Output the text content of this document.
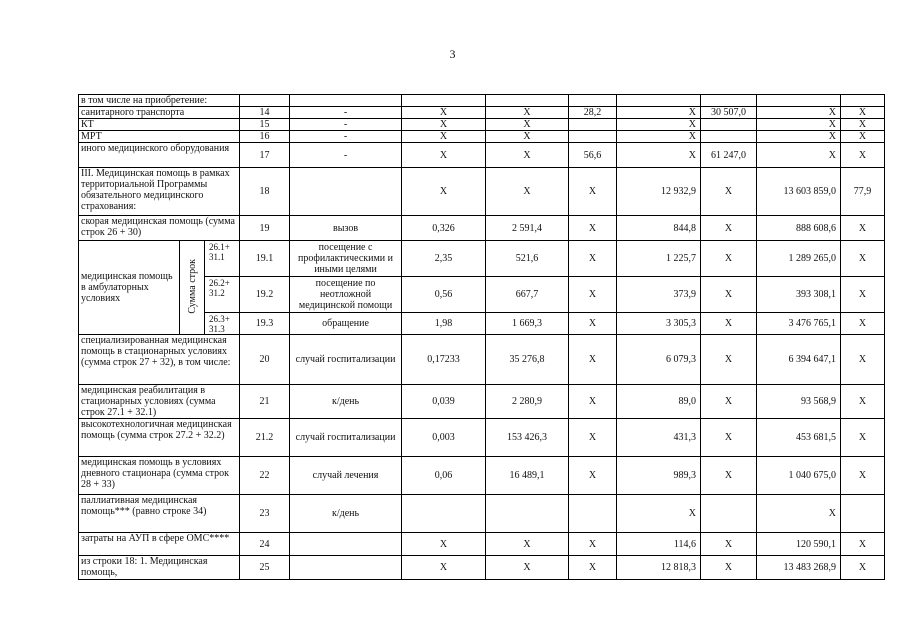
3
в том числе на приобретение:											
санитарного транспорта			14	-	Х	Х	28,2	Х	30 507,0	Х	Х
КТ			15	-	Х	Х		Х		Х	Х
МРТ			16	-	Х	Х		Х		Х	Х
иного медицинского оборудования			17	-	Х	Х	56,6	Х	61 247,0	Х	Х
III. Медицинская помощь в рамках территориальной Программы обязательного медицинского страхования:			18		Х	Х	Х	12 932,9	Х	13 603 859,0	77,9
скорая медицинская помощь (сумма строк 26 + 30)			19	вызов	0,326	2 591,4	Х	844,8	Х	888 608,6	Х
медицинская помощь в амбулаторных условиях	Сумма строк	26.1+ 31.1	19.1	посещение с профилактическими и иными целями	2,35	521,6	Х	1 225,7	Х	1 289 265,0	Х
		26.2+ 31.2	19.2	посещение по неотложной медицинской помощи	0,56	667,7	Х	373,9	Х	393 308,1	Х
		26.3+ 31.3	19.3	обращение	1,98	1 669,3	Х	3 305,3	Х	3 476 765,1	Х
специализированная медицинская помощь в стационарных условиях (сумма строк 27 + 32), в том числе:			20	случай госпитализации	0,17233	35 276,8	Х	6 079,3	Х	6 394 647,1	Х
медицинская реабилитация в стационарных условиях (сумма строк 27.1 + 32.1)			21	к/день	0,039	2 280,9	Х	89,0	Х	93 568,9	Х
высокотехнологичная медицинская помощь (сумма строк 27.2 + 32.2)			21.2	случай госпитализации	0,003	153 426,3	Х	431,3	Х	453 681,5	Х
медицинская помощь в условиях дневного стационара (сумма строк 28 + 33)			22	случай лечения	0,06	16 489,1	Х	989,3	Х	1 040 675,0	Х
паллиативная медицинская помощь*** (равно строке 34)			23	к/день				Х		Х	
затраты на АУП в сфере ОМС****			24		Х	Х	Х	114,6	Х	120 590,1	Х
из строки 18: 1. Медицинская помощь,			25		Х	Х	Х	12 818,3	Х	13 483 268,9	Х
